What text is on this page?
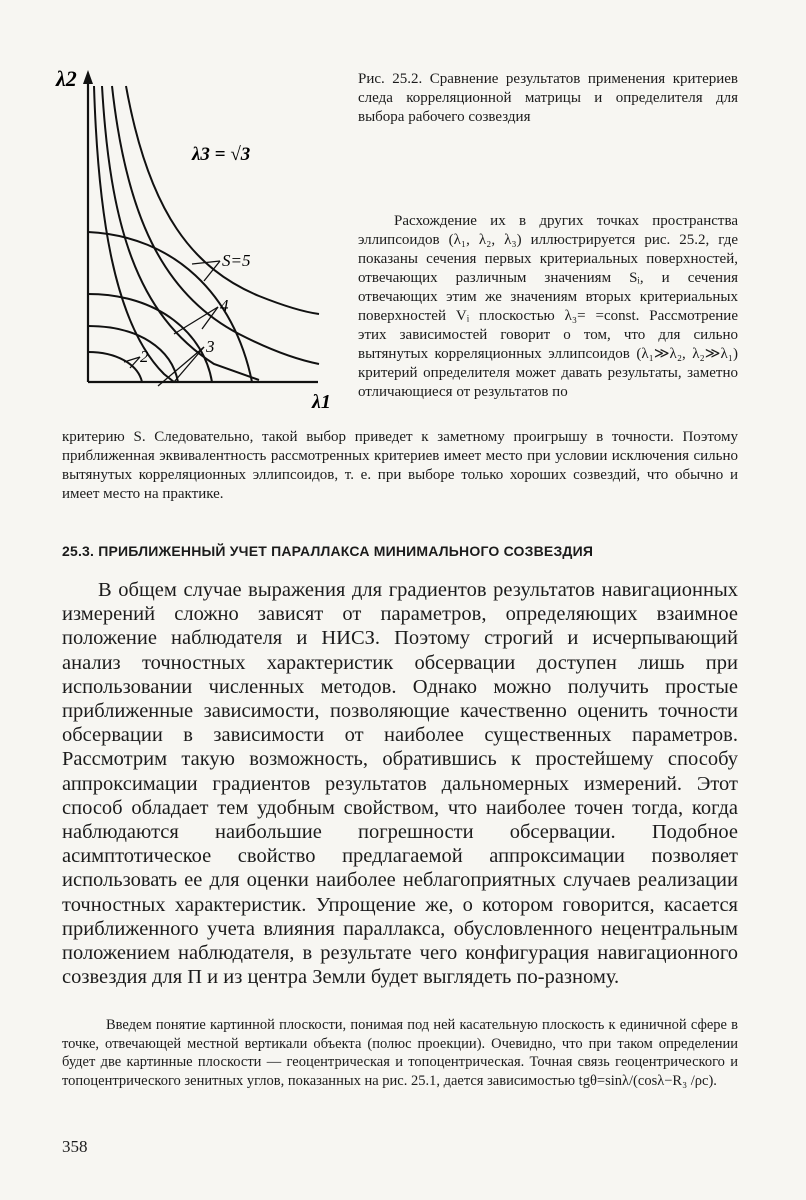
λ2
λ1
λ3 = √3
S=5
4
3
2
Рис. 25.2. Сравнение результатов применения критериев следа корреляционной матрицы и определителя для выбора рабочего созвездия
Расхождение их в других точках пространства эллипсоидов (λ₁, λ₂, λ₃) иллюстрируется рис. 25.2, где показаны сечения первых критериальных поверхностей, отвечающих различным значениям Sᵢ, и сечения отвечающих этим же значениям вторых критериальных поверхностей Vᵢ плоскостью λ₃= =const. Рассмотрение этих зависимостей говорит о том, что для сильно вытянутых корреляционных эллипсоидов (λ₁≫λ₂, λ₂≫λ₁) критерий определителя может давать результаты, заметно отличающиеся от результатов по
критерию S. Следовательно, такой выбор приведет к заметному проигрышу в точности. Поэтому приближенная эквивалентность рассмотренных критериев имеет место при условии исключения сильно вытянутых корреляционных эллипсоидов, т. е. при выборе только хороших созвездий, что обычно и имеет место на практике.
25.3. ПРИБЛИЖЕННЫЙ УЧЕТ ПАРАЛЛАКСА МИНИМАЛЬНОГО СОЗВЕЗДИЯ
В общем случае выражения для градиентов результатов навигационных измерений сложно зависят от параметров, определяющих взаимное положение наблюдателя и НИСЗ. Поэтому строгий и исчерпывающий анализ точностных характеристик обсервации доступен лишь при использовании численных методов. Однако можно получить простые приближенные зависимости, позволяющие качественно оценить точности обсервации в зависимости от наиболее существенных параметров. Рассмотрим такую возможность, обратившись к простейшему способу аппроксимации градиентов результатов дальномерных измерений. Этот способ обладает тем удобным свойством, что наиболее точен тогда, когда наблюдаются наибольшие погрешности обсервации. Подобное асимптотическое свойство предлагаемой аппроксимации позволяет использовать ее для оценки наиболее неблагоприятных случаев реализации точностных характеристик. Упрощение же, о котором говорится, касается приближенного учета влияния параллакса, обусловленного нецентральным положением наблюдателя, в результате чего конфигурация навигационного созвездия для П и из центра Земли будет выглядеть по-разному.
Введем понятие картинной плоскости, понимая под ней касательную плоскость к единичной сфере в точке, отвечающей местной вертикали объекта (полюс проекции). Очевидно, что при таком определении будет две картинные плоскости — геоцентрическая и топоцентрическая. Точная связь геоцентрического и топоцентрического зенитных углов, показанных на рис. 25.1, дается зависимостью tgθ=sinλ/(cosλ−R₃ /ρc).
358
